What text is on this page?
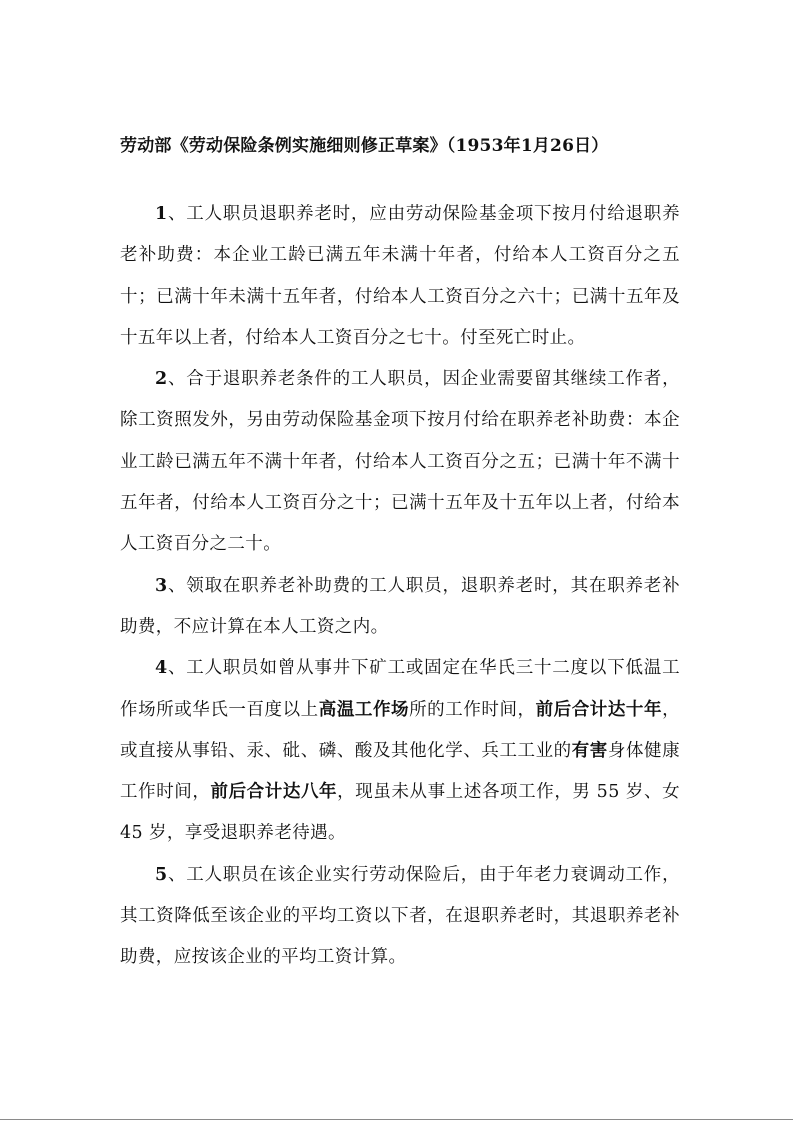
劳动部《劳动保险条例实施细则修正草案》（1953年1月26日）

1、工人职员退职养老时，应由劳动保险基金项下按月付给退职养老补助费：本企业工龄已满五年未满十年者，付给本人工资百分之五十；已满十年未满十五年者，付给本人工资百分之六十；已满十五年及十五年以上者，付给本人工资百分之七十。付至死亡时止。

2、合于退职养老条件的工人职员，因企业需要留其继续工作者，除工资照发外，另由劳动保险基金项下按月付给在职养老补助费：本企业工龄已满五年不满十年者，付给本人工资百分之五；已满十年不满十五年者，付给本人工资百分之十；已满十五年及十五年以上者，付给本人工资百分之二十。

3、领取在职养老补助费的工人职员，退职养老时，其在职养老补助费，不应计算在本人工资之内。

4、工人职员如曾从事井下矿工或固定在华氏三十二度以下低温工作场所或华氏一百度以上高温工作场所的工作时间，前后合计达十年，或直接从事铅、汞、砒、磷、酸及其他化学、兵工工业的有害身体健康工作时间，前后合计达八年，现虽未从事上述各项工作，男 55 岁、女 45 岁，享受退职养老待遇。

5、工人职员在该企业实行劳动保险后，由于年老力衰调动工作，其工资降低至该企业的平均工资以下者，在退职养老时，其退职养老补助费，应按该企业的平均工资计算。
